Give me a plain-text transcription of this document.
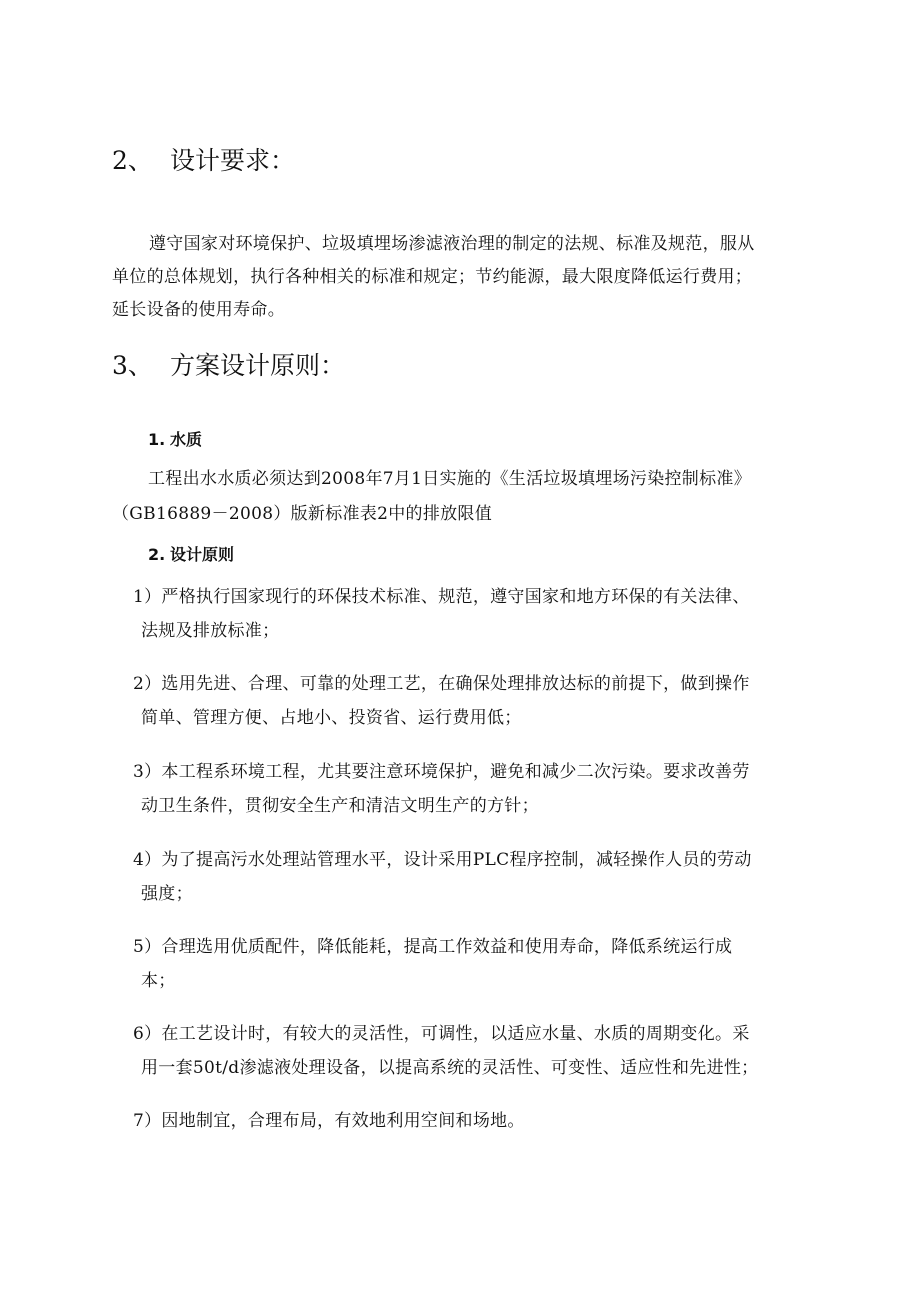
2、 设计要求：
遵守国家对环境保护、垃圾填埋场渗滤液治理的制定的法规、标准及规范，服从
单位的总体规划，执行各种相关的标准和规定；节约能源，最大限度降低运行费用；
延长设备的使用寿命。
3、 方案设计原则：
1. 水质
工程出水水质必须达到2008年7月1日实施的《生活垃圾填埋场污染控制标准》
（GB16889－2008）版新标准表2中的排放限值
2. 设计原则
1）严格执行国家现行的环保技术标准、规范，遵守国家和地方环保的有关法律、
法规及排放标准；
2）选用先进、合理、可靠的处理工艺，在确保处理排放达标的前提下，做到操作
简单、管理方便、占地小、投资省、运行费用低；
3）本工程系环境工程，尤其要注意环境保护，避免和减少二次污染。要求改善劳
动卫生条件，贯彻安全生产和清洁文明生产的方针；
4）为了提高污水处理站管理水平，设计采用PLC程序控制，减轻操作人员的劳动
强度；
5）合理选用优质配件，降低能耗，提高工作效益和使用寿命，降低系统运行成
本；
6）在工艺设计时，有较大的灵活性，可调性，以适应水量、水质的周期变化。采
用一套50t/d渗滤液处理设备，以提高系统的灵活性、可变性、适应性和先进性；
7）因地制宜，合理布局，有效地利用空间和场地。
